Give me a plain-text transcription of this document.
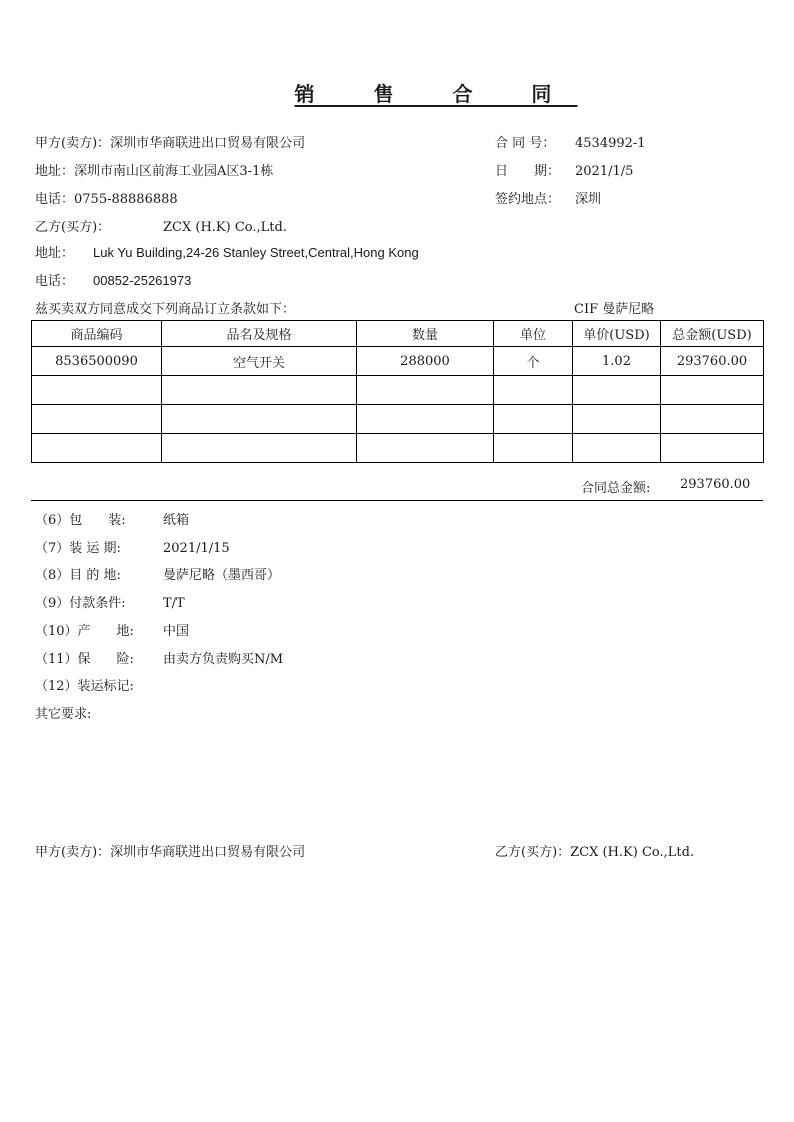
销 售 合 同
甲方(卖方)：深圳市华商联进出口贸易有限公司
地址：深圳市南山区前海工业园A区3-1栋
电话：0755-88886888
合 同 号： 4534992-1
日　　期： 2021/1/5
签约地点： 深圳
乙方(买方)：	ZCX (H.K) Co.,Ltd.
地址： Luk Yu Building,24-26 Stanley Street,Central,Hong Kong
电话： 00852-25261973
兹买卖双方同意成交下列商品订立条款如下：	CIF 曼萨尼略
商品编码	品名及规格	数量	单位	单价(USD)	总金额(USD)
8536500090	空气开关	288000	个	1.02	293760.00

合同总金额: 293760.00
（6）包　　装:	纸箱
（7）装 运 期:	2021/1/15
（8）目 的 地:	曼萨尼略（墨西哥）
（9）付款条件:	T/T
（10）产　　地: 中国
（11）保　　险: 由卖方负责购买N/M
（12）装运标记:
其它要求:
甲方(卖方)：深圳市华商联进出口贸易有限公司	乙方(买方)：ZCX (H.K) Co.,Ltd.
